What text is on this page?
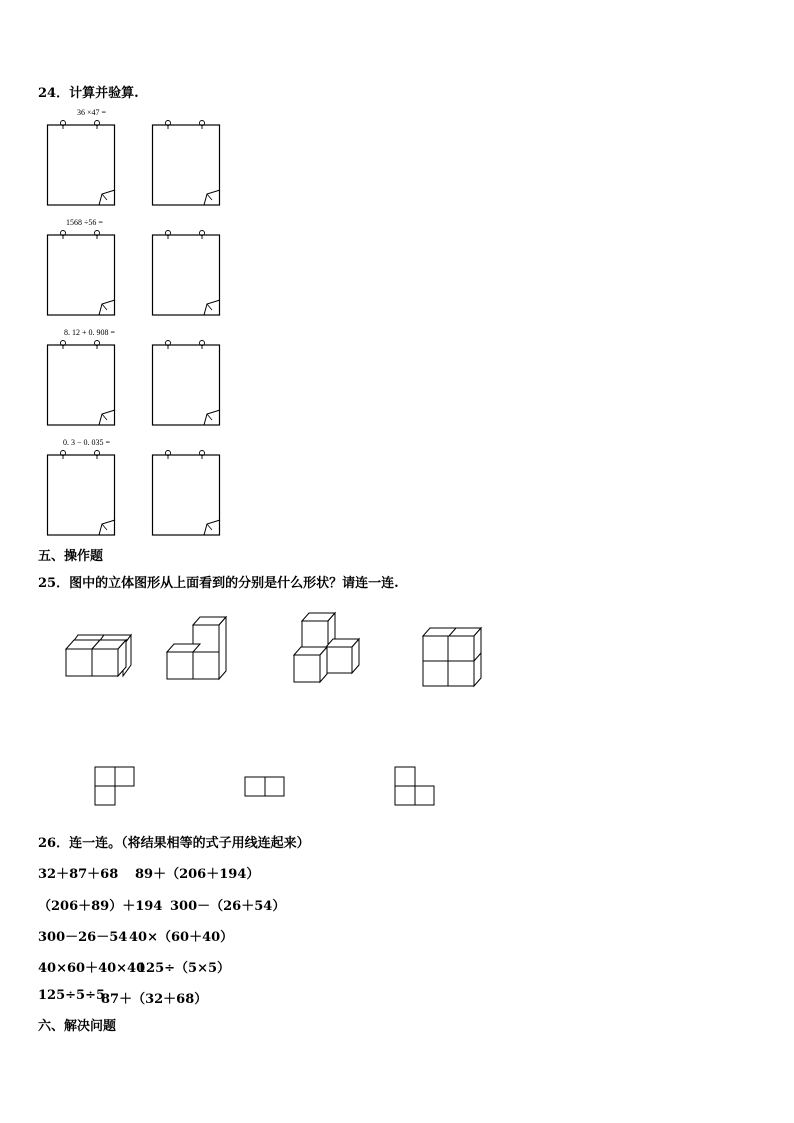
24．计算并验算.
36 ×47 =
1568 ÷56 =
8. 12 + 0. 908 =
0. 3 − 0. 035 =
五、操作题
25．图中的立体图形从上面看到的分别是什么形状？请连一连.
26．连一连。（将结果相等的式子用线连起来）
32＋87＋68 89＋（206＋194）
（206＋89）＋194 300－（26＋54）
300－26－54 40×（60＋40）
40×60＋40×40
125÷（5×5）
125÷5÷5
87＋（32＋68）
六、解决问题
